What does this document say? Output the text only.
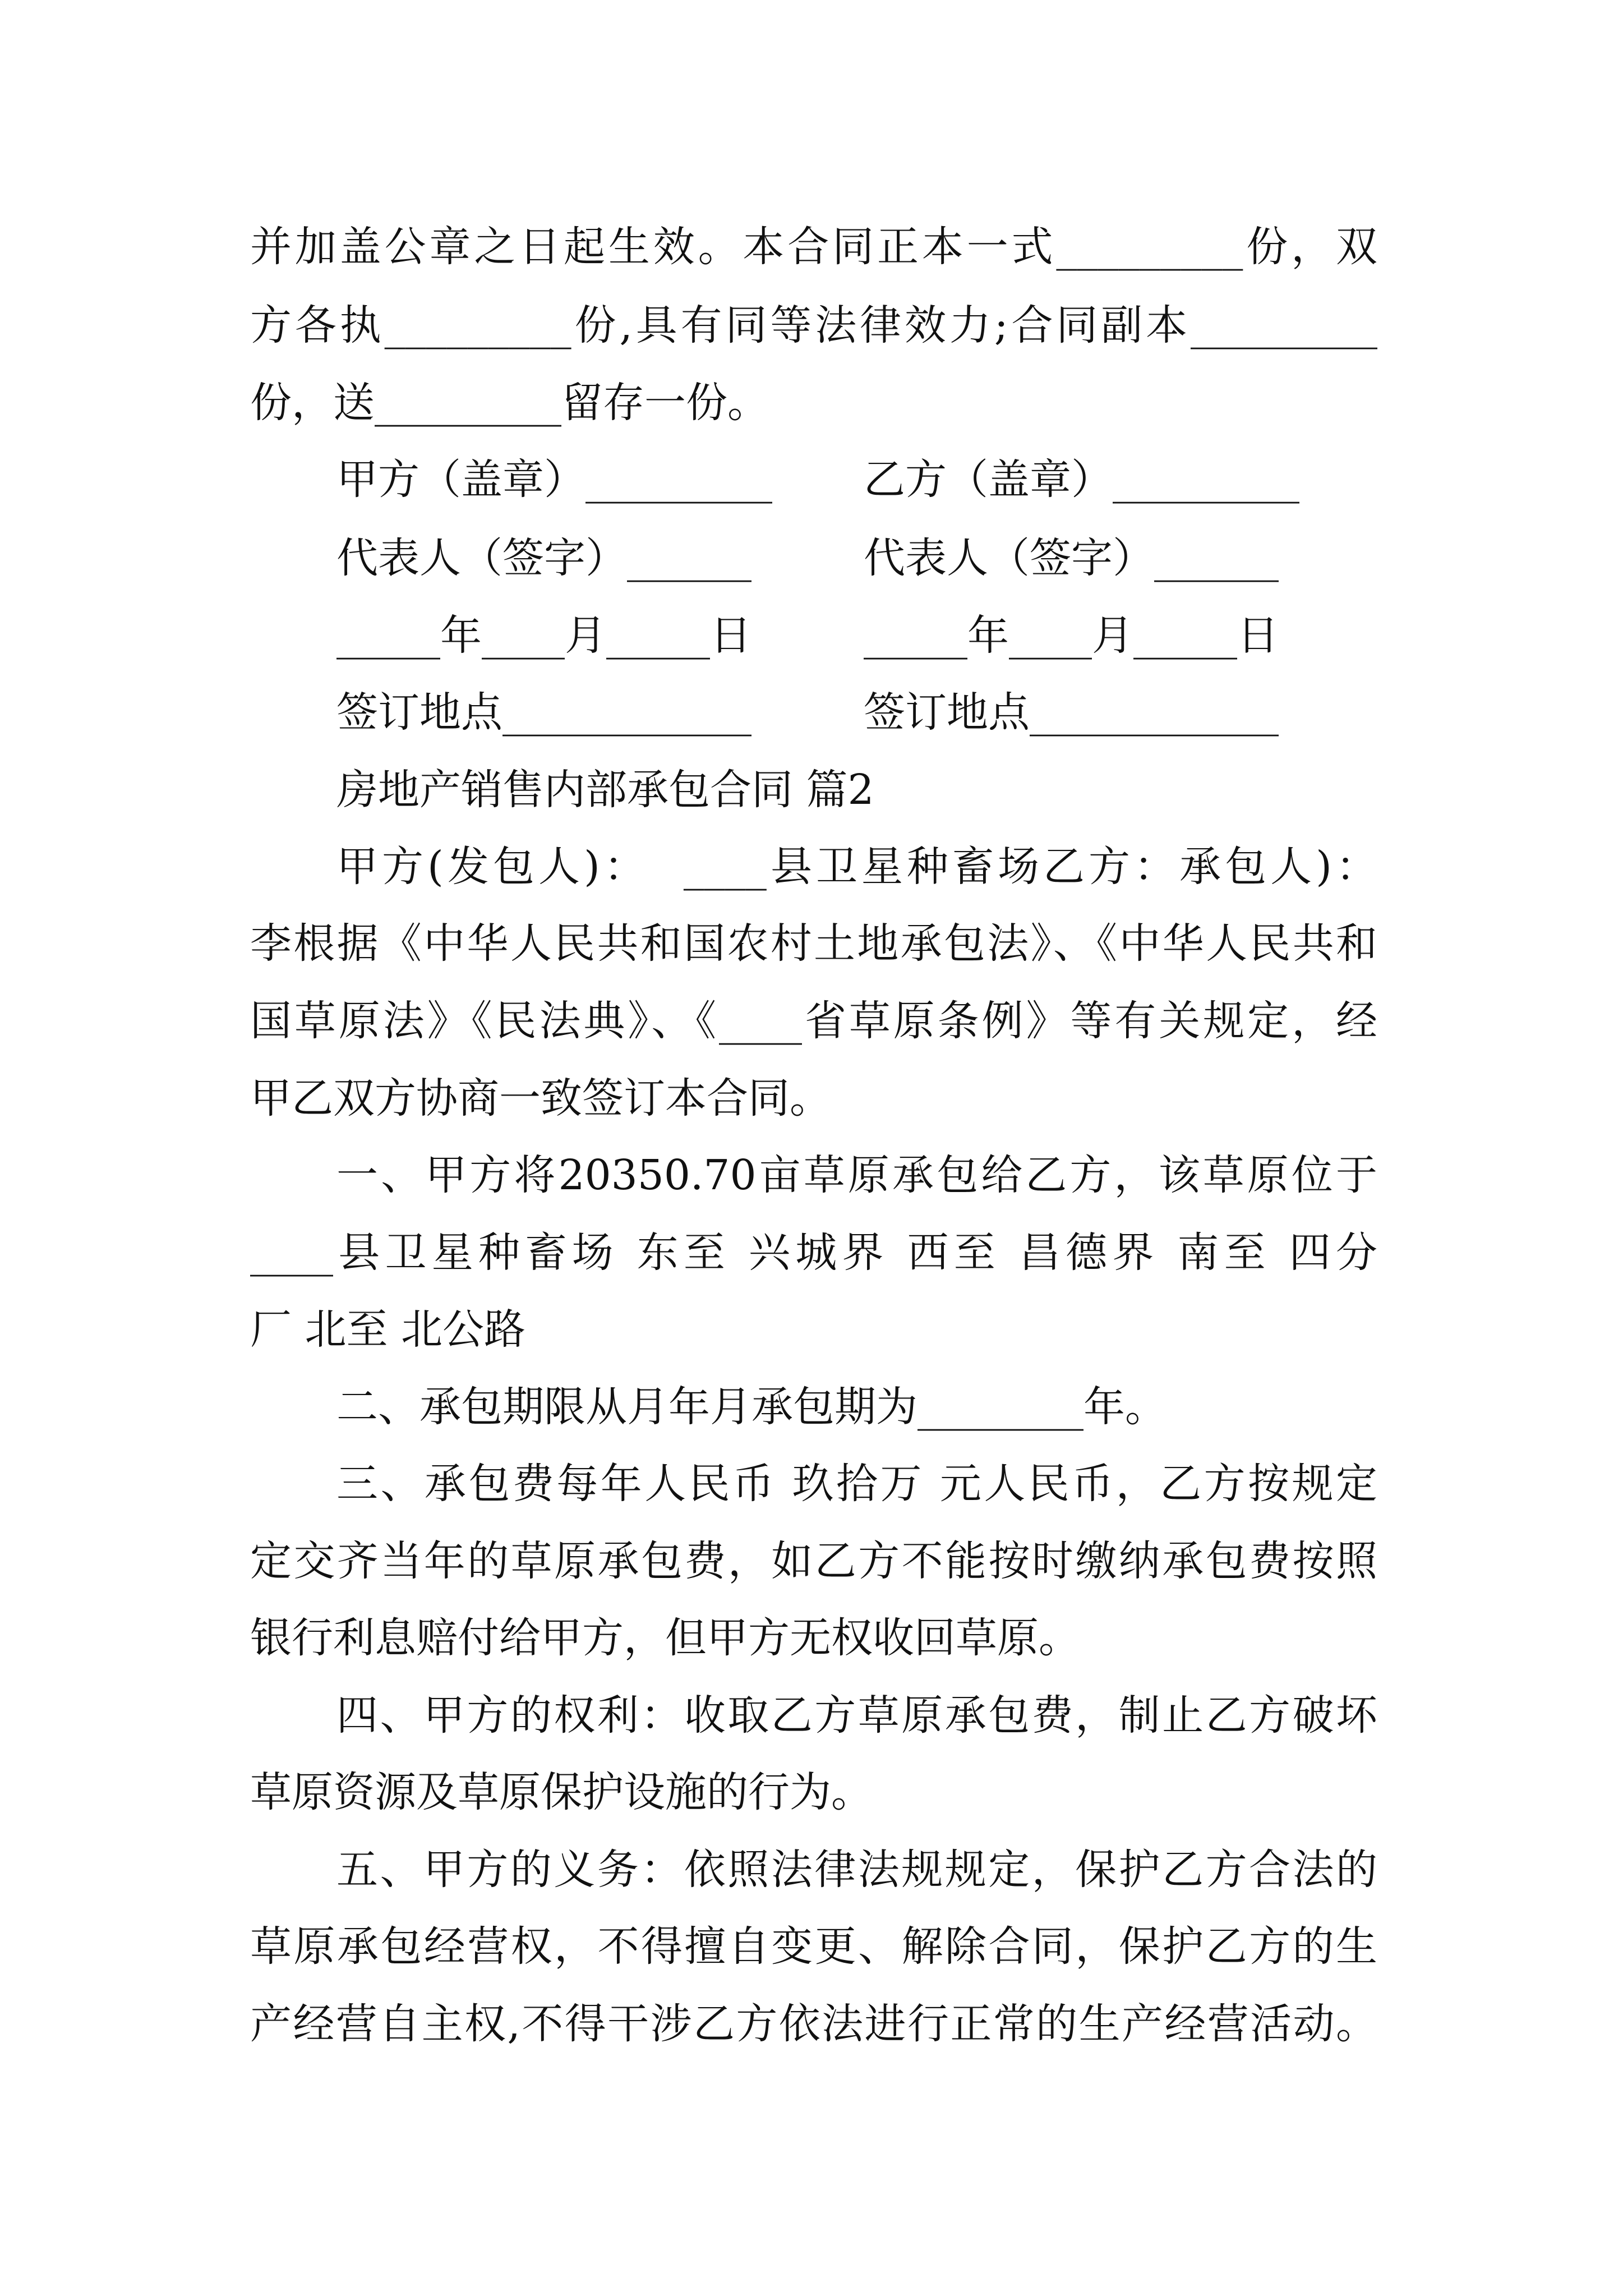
并加盖公章之日起生效。本合同正本一式_________份，双
方各执_________份,具有同等法律效力;合同副本_________
份，送_________留存一份。
甲方（盖章）_________	乙方（盖章）_________
代表人（签字）______	代表人（签字）______
_____年____月_____日	_____年____月_____日
签订地点____________	签订地点____________
房地产销售内部承包合同 篇2
甲方(发包人)：  ____县卫星种畜场乙方：承包人)：
李根据《中华人民共和国农村土地承包法》、《中华人民共和
国草原法》《民法典》、《____省草原条例》等有关规定，经
甲乙双方协商一致签订本合同。
一、甲方将20350.70亩草原承包给乙方，该草原位于
____县卫星种畜场 东至 兴城界 西至 昌德界 南至 四分
厂 北至 北公路
二、承包期限从月年月承包期为________年。
三、承包费每年人民币 玖拾万 元人民币，乙方按规定
定交齐当年的草原承包费，如乙方不能按时缴纳承包费按照
银行利息赔付给甲方，但甲方无权收回草原。
四、甲方的权利：收取乙方草原承包费，制止乙方破坏
草原资源及草原保护设施的行为。
五、甲方的义务：依照法律法规规定，保护乙方合法的
草原承包经营权，不得擅自变更、解除合同，保护乙方的生
产经营自主权,不得干涉乙方依法进行正常的生产经营活动。
